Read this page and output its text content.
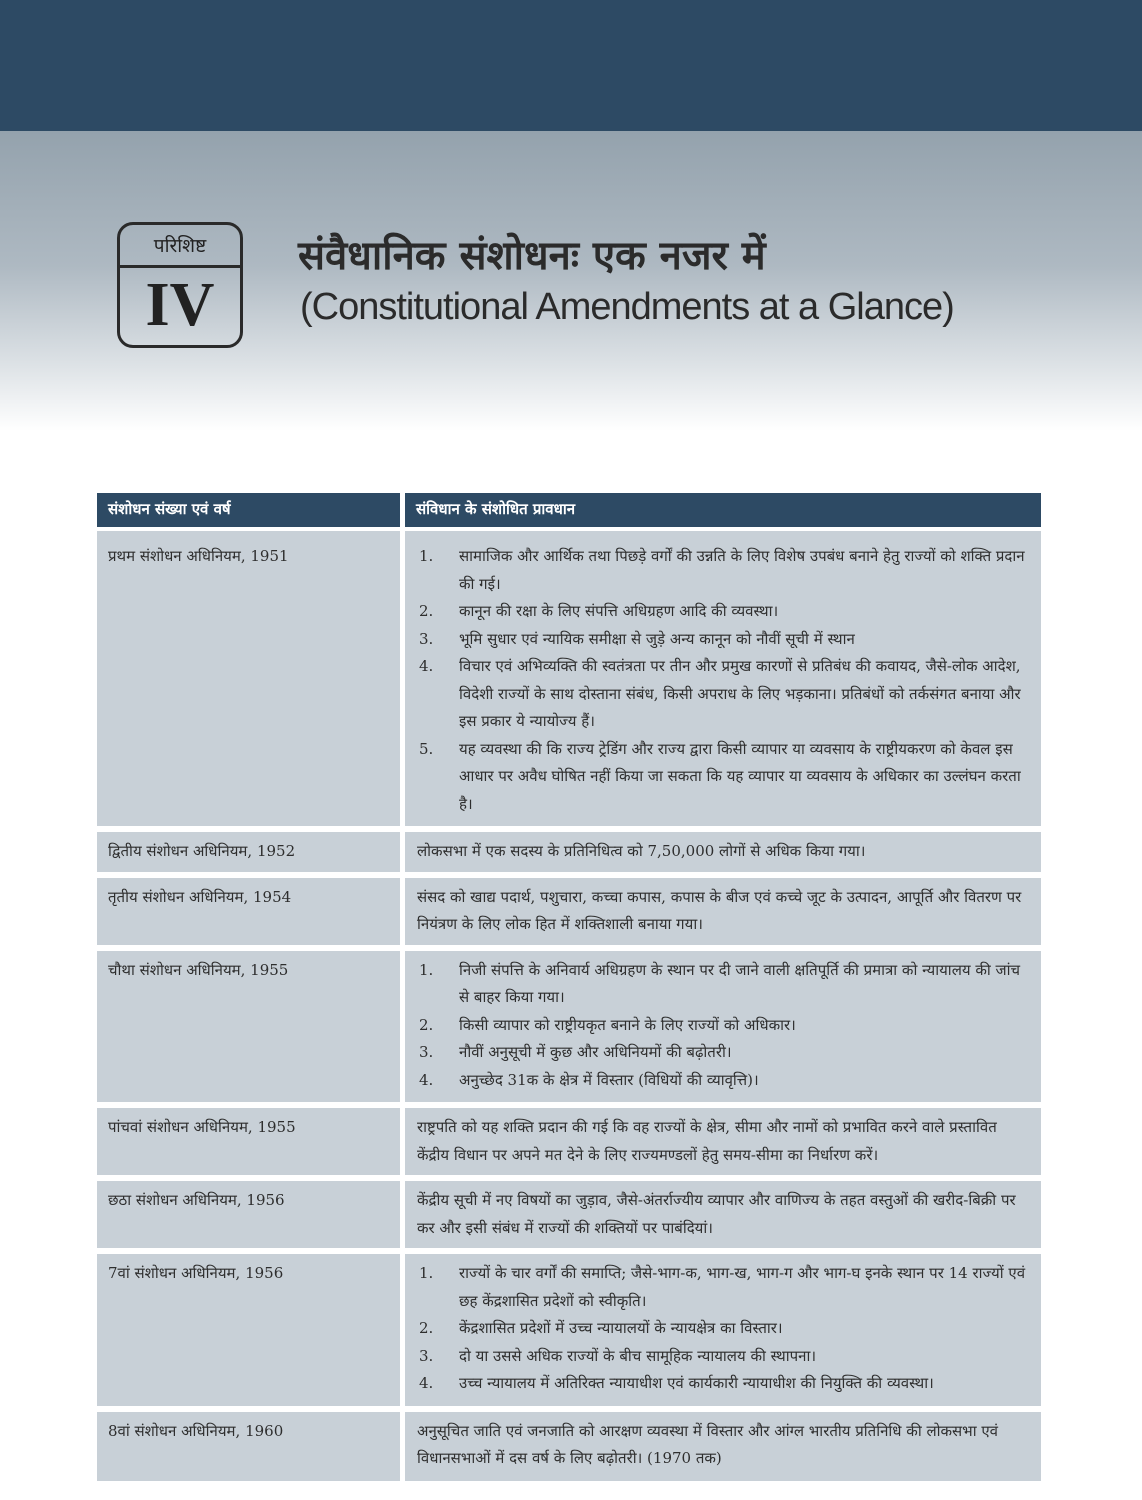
परिशिष्ट
IV
संवैधानिक संशोधनः एक नजर में
(Constitutional Amendments at a Glance)
संशोधन संख्या एवं वर्ष	संविधान के संशोधित प्रावधान
प्रथम संशोधन अधिनियम, 1951	1.	सामाजिक और आर्थिक तथा पिछड़े वर्गों की उन्नति के लिए विशेष उपबंध बनाने हेतु राज्यों को शक्ति प्रदान की गई।
2.	कानून की रक्षा के लिए संपत्ति अधिग्रहण आदि की व्यवस्था।
3.	भूमि सुधार एवं न्यायिक समीक्षा से जुड़े अन्य कानून को नौवीं सूची में स्थान
4.	विचार एवं अभिव्यक्ति की स्वतंत्रता पर तीन और प्रमुख कारणों से प्रतिबंध की कवायद, जैसे-लोक आदेश, विदेशी राज्यों के साथ दोस्ताना संबंध, किसी अपराध के लिए भड़काना। प्रतिबंधों को तर्कसंगत बनाया और इस प्रकार ये न्यायोज्य हैं।
5.	यह व्यवस्था की कि राज्य ट्रेडिंग और राज्य द्वारा किसी व्यापार या व्यवसाय के राष्ट्रीयकरण को केवल इस आधार पर अवैध घोषित नहीं किया जा सकता कि यह व्यापार या व्यवसाय के अधिकार का उल्लंघन करता है।
द्वितीय संशोधन अधिनियम, 1952	लोकसभा में एक सदस्य के प्रतिनिधित्व को 7,50,000 लोगों से अधिक किया गया।
तृतीय संशोधन अधिनियम, 1954	संसद को खाद्य पदार्थ, पशुचारा, कच्चा कपास, कपास के बीज एवं कच्चे जूट के उत्पादन, आपूर्ति और वितरण पर नियंत्रण के लिए लोक हित में शक्तिशाली बनाया गया।
चौथा संशोधन अधिनियम, 1955	1.	निजी संपत्ति के अनिवार्य अधिग्रहण के स्थान पर दी जाने वाली क्षतिपूर्ति की प्रमात्रा को न्यायालय की जांच से बाहर किया गया।
2.	किसी व्यापार को राष्ट्रीयकृत बनाने के लिए राज्यों को अधिकार।
3.	नौवीं अनुसूची में कुछ और अधिनियमों की बढ़ोतरी।
4.	अनुच्छेद 31क के क्षेत्र में विस्तार (विधियों की व्यावृत्ति)।
पांचवां संशोधन अधिनियम, 1955	राष्ट्रपति को यह शक्ति प्रदान की गई कि वह राज्यों के क्षेत्र, सीमा और नामों को प्रभावित करने वाले प्रस्तावित केंद्रीय विधान पर अपने मत देने के लिए राज्यमण्डलों हेतु समय-सीमा का निर्धारण करें।
छठा संशोधन अधिनियम, 1956	केंद्रीय सूची में नए विषयों का जुड़ाव, जैसे-अंतर्राज्यीय व्यापार और वाणिज्य के तहत वस्तुओं की खरीद-बिक्री पर कर और इसी संबंध में राज्यों की शक्तियों पर पाबंदियां।
7वां संशोधन अधिनियम, 1956	1.	राज्यों के चार वर्गों की समाप्ति; जैसे-भाग-क, भाग-ख, भाग-ग और भाग-घ इनके स्थान पर 14 राज्यों एवं छह केंद्रशासित प्रदेशों को स्वीकृति।
2.	केंद्रशासित प्रदेशों में उच्च न्यायालयों के न्यायक्षेत्र का विस्तार।
3.	दो या उससे अधिक राज्यों के बीच सामूहिक न्यायालय की स्थापना।
4.	उच्च न्यायालय में अतिरिक्त न्यायाधीश एवं कार्यकारी न्यायाधीश की नियुक्ति की व्यवस्था।
8वां संशोधन अधिनियम, 1960	अनुसूचित जाति एवं जनजाति को आरक्षण व्यवस्था में विस्तार और आंग्ल भारतीय प्रतिनिधि की लोकसभा एवं विधानसभाओं में दस वर्ष के लिए बढ़ोतरी। (1970 तक)
